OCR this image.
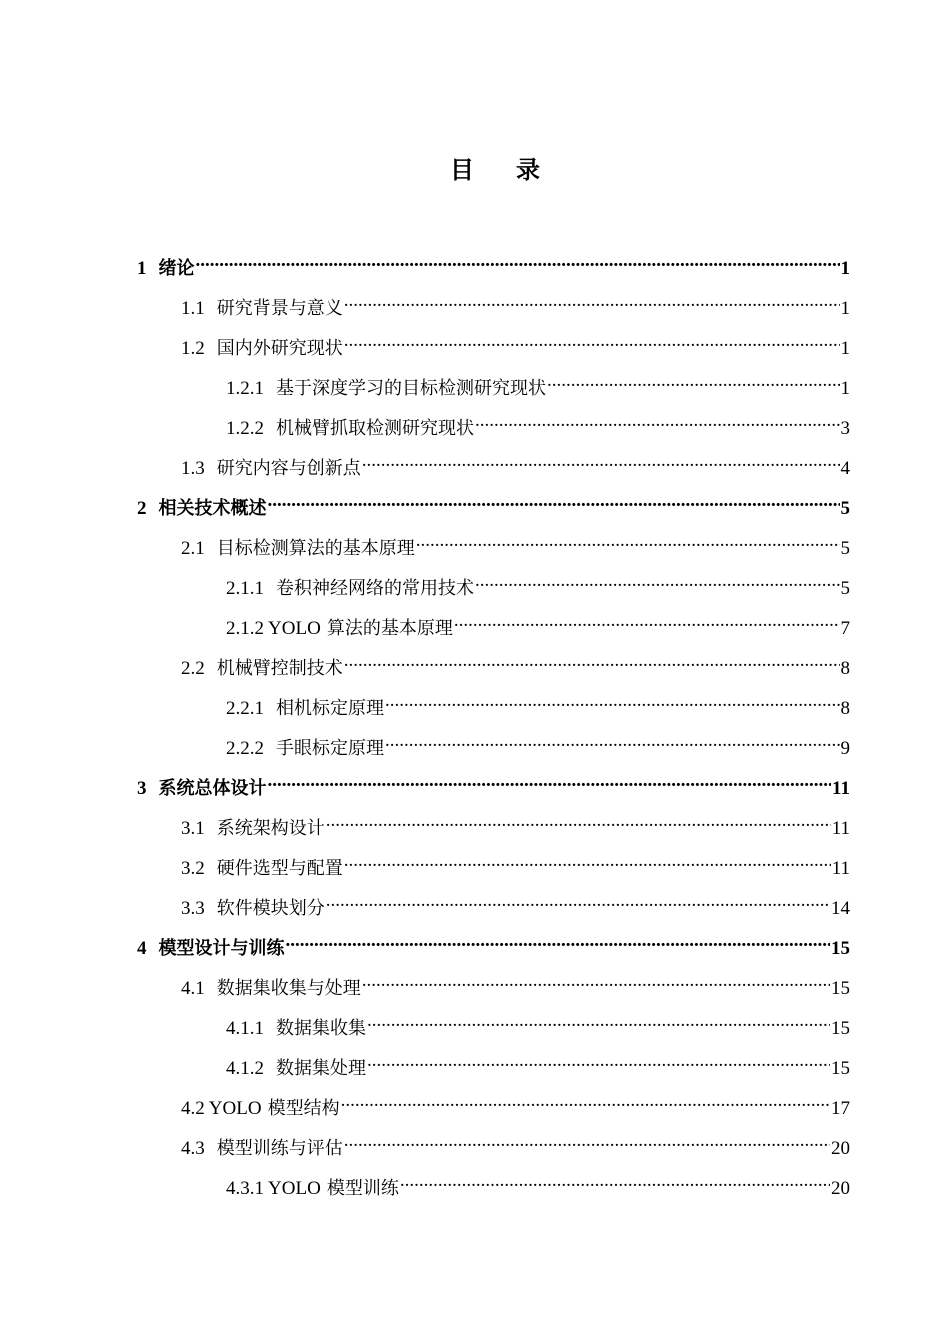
目 录
1 绪论 .....	1
1.1 研究背景与意义 .....	1
1.2 国内外研究现状 .....	1
1.2.1 基于深度学习的目标检测研究现状 .....	1
1.2.2 机械臂抓取检测研究现状 .....	3
1.3 研究内容与创新点 .....	4
2 相关技术概述 .....	5
2.1 目标检测算法的基本原理 .....	5
2.1.1 卷积神经网络的常用技术 .....	5
2.1.2 YOLO 算法的基本原理 .....	7
2.2 机械臂控制技术 .....	8
2.2.1 相机标定原理 .....	8
2.2.2 手眼标定原理 .....	9
3 系统总体设计 .....	11
3.1 系统架构设计 .....	11
3.2 硬件选型与配置 .....	11
3.3 软件模块划分 .....	14
4 模型设计与训练 .....	15
4.1 数据集收集与处理 .....	15
4.1.1 数据集收集 .....	15
4.1.2 数据集处理 .....	15
4.2 YOLO 模型结构 .....	17
4.3 模型训练与评估 .....	20
4.3.1 YOLO 模型训练 .....	20
